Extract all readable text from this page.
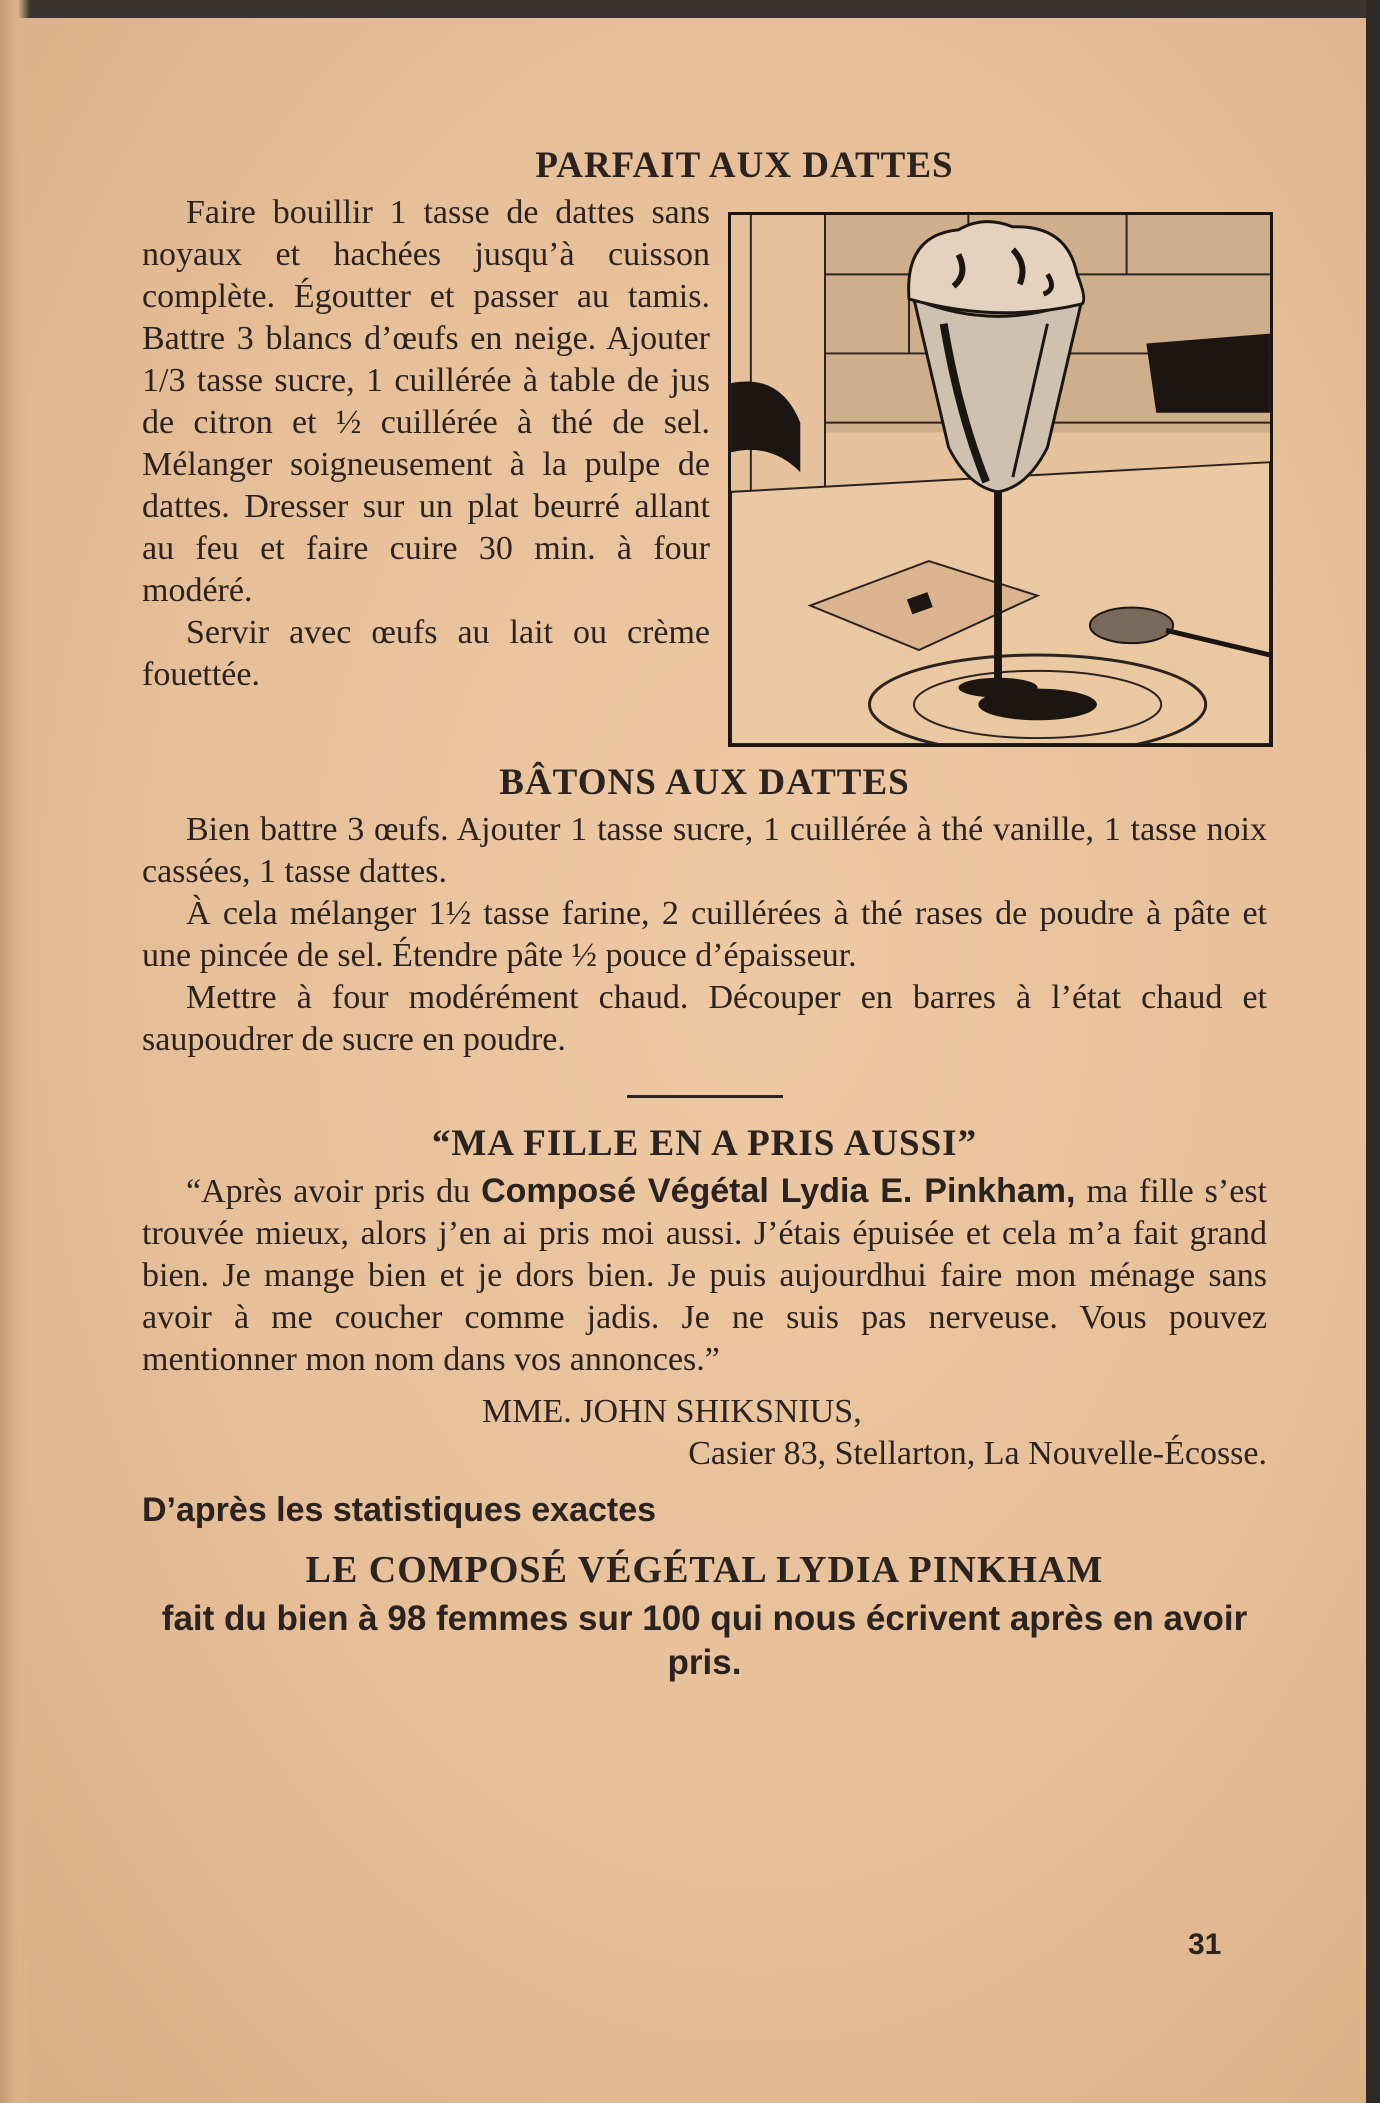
PARFAIT AUX DATTES

Faire bouillir 1 tasse de dattes sans noyaux et hachées jusqu’à cuisson complète. Égoutter et passer au tamis. Battre 3 blancs d’œufs en neige. Ajouter 1/3 tasse sucre, 1 cuillérée à table de jus de citron et ½ cuillérée à thé de sel. Mélanger soigneusement à la pulpe de dattes. Dresser sur un plat beurré allant au feu et faire cuire 30 min. à four modéré.

Servir avec œufs au lait ou crème fouettée.

BÂTONS AUX DATTES

Bien battre 3 œufs. Ajouter 1 tasse sucre, 1 cuillérée à thé vanille, 1 tasse noix cassées, 1 tasse dattes.

À cela mélanger 1½ tasse farine, 2 cuillérées à thé rases de poudre à pâte et une pincée de sel. Étendre pâte ½ pouce d’épaisseur.

Mettre à four modérément chaud. Découper en barres à l’état chaud et saupoudrer de sucre en poudre.

“MA FILLE EN A PRIS AUSSI”

“Après avoir pris du Composé Végétal Lydia E. Pinkham, ma fille s’est trouvée mieux, alors j’en ai pris moi aussi. J’étais épuisée et cela m’a fait grand bien. Je mange bien et je dors bien. Je puis aujourdhui faire mon ménage sans avoir à me coucher comme jadis. Je ne suis pas nerveuse. Vous pouvez mentionner mon nom dans vos annonces.”

MME. JOHN SHIKSNIUS,

Casier 83, Stellarton, La Nouvelle-Écosse.

D’après les statistiques exactes

LE COMPOSÉ VÉGÉTAL LYDIA PINKHAM

fait du bien à 98 femmes sur 100 qui nous écrivent après en avoir pris.

31
